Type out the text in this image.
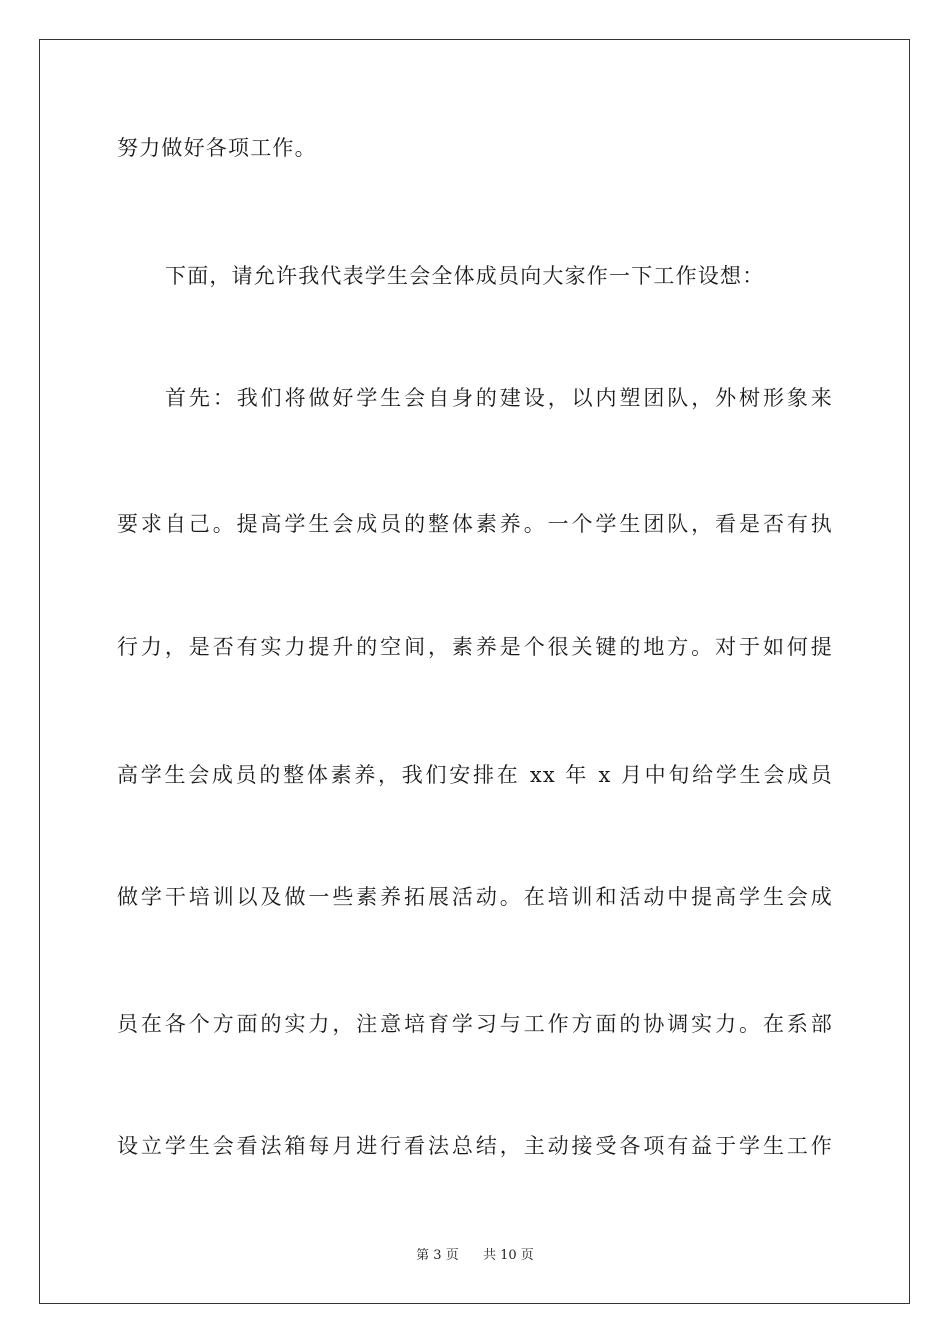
努力做好各项工作。
下面，请允许我代表学生会全体成员向大家作一下工作设想：
首先：我们将做好学生会自身的建设，以内塑团队，外树形象来
要求自己。提高学生会成员的整体素养。一个学生团队，看是否有执
行力，是否有实力提升的空间，素养是个很关键的地方。对于如何提
高学生会成员的整体素养，我们安排在 xx 年 x 月中旬给学生会成员
做学干培训以及做一些素养拓展活动。在培训和活动中提高学生会成
员在各个方面的实力，注意培育学习与工作方面的协调实力。在系部
设立学生会看法箱每月进行看法总结，主动接受各项有益于学生工作
第 3 页 共 10 页
